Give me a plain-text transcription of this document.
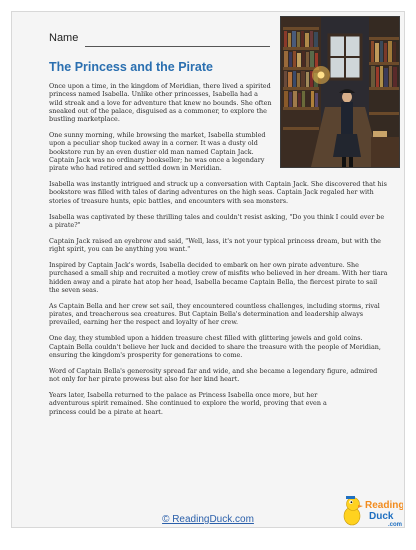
Name
The Princess and the Pirate

Once upon a time, in the kingdom of Meridian, there lived a spirited princess named Isabella. Unlike other princesses, Isabella had a wild streak and a love for adventure that knew no bounds. She often sneaked out of the palace, disguised as a commoner, to explore the bustling marketplace.

One sunny morning, while browsing the market, Isabella stumbled upon a peculiar shop tucked away in a corner. It was a dusty old bookstore run by an even dustier old man named Captain Jack. Captain Jack was no ordinary bookseller; he was once a legendary pirate who had retired and settled down in Meridian.

Isabella was instantly intrigued and struck up a conversation with Captain Jack. She discovered that his bookstore was filled with tales of daring adventures on the high seas. Captain Jack regaled her with stories of treasure hunts, epic battles, and encounters with sea monsters.

Isabella was captivated by these thrilling tales and couldn't resist asking, "Do you think I could ever be a pirate?"

Captain Jack raised an eyebrow and said, "Well, lass, it's not your typical princess dream, but with the right spirit, you can be anything you want."

Inspired by Captain Jack's words, Isabella decided to embark on her own pirate adventure. She purchased a small ship and recruited a motley crew of misfits who believed in her dream. With her tiara hidden away and a pirate hat atop her head, Isabella became Captain Bella, the fiercest pirate to sail the seven seas.

As Captain Bella and her crew set sail, they encountered countless challenges, including storms, rival pirates, and treacherous sea creatures. But Captain Bella's determination and leadership always prevailed, earning her the respect and loyalty of her crew.

One day, they stumbled upon a hidden treasure chest filled with glittering jewels and gold coins. Captain Bella couldn't believe her luck and decided to share the treasure with the people of Meridian, ensuring the kingdom's prosperity for generations to come.

Word of Captain Bella's generosity spread far and wide, and she became a legendary figure, admired not only for her pirate prowess but also for her kind heart.

Years later, Isabella returned to the palace as Princess Isabella once more, but her adventurous spirit remained. She continued to explore the world, proving that even a princess could be a pirate at heart.

© ReadingDuck.com
Reading
Duck
.com
